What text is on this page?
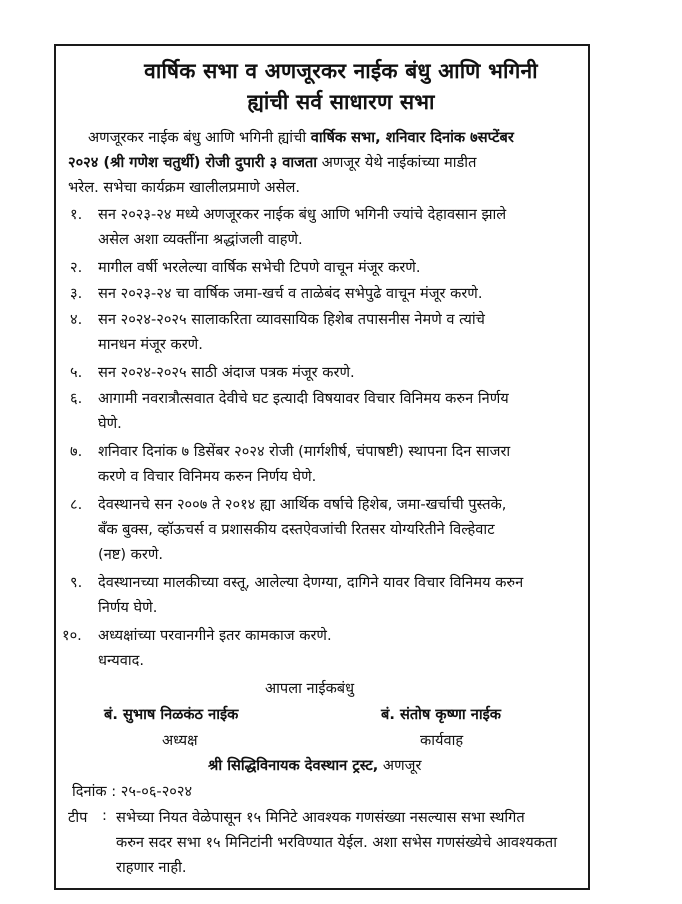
वार्षिक सभा व अणजूरकर नाईक बंधु आणि भगिनी
ह्यांची सर्व साधारण सभा
अणजूरकर नाईक बंधु आणि भगिनी ह्यांची वार्षिक सभा, शनिवार दिनांक ७सप्टेंबर
२०२४ (श्री गणेश चतुर्थी) रोजी दुपारी ३ वाजता अणजूर येथे नाईकांच्या माडीत
भरेल. सभेचा कार्यक्रम खालीलप्रमाणे असेल.
१. सन २०२३-२४ मध्ये अणजूरकर नाईक बंधु आणि भगिनी ज्यांचे देहावसान झाले
असेल अशा व्यक्तींना श्रद्धांजली वाहणे.
२. मागील वर्षी भरलेल्या वार्षिक सभेची टिपणे वाचून मंजूर करणे.
३. सन २०२३-२४ चा वार्षिक जमा-खर्च व ताळेबंद सभेपुढे वाचून मंजूर करणे.
४. सन २०२४-२०२५ सालाकरिता व्यावसायिक हिशेब तपासनीस नेमणे व त्यांचे
मानधन मंजूर करणे.
५. सन २०२४-२०२५ साठी अंदाज पत्रक मंजूर करणे.
६. आगामी नवरात्रौत्सवात देवीचे घट इत्यादी विषयावर विचार विनिमय करुन निर्णय
घेणे.
७. शनिवार दिनांक ७ डिसेंबर २०२४ रोजी (मार्गशीर्ष, चंपाषष्टी) स्थापना दिन साजरा
करणे व विचार विनिमय करुन निर्णय घेणे.
८. देवस्थानचे सन २००७ ते २०१४ ह्या आर्थिक वर्षाचे हिशेब, जमा-खर्चाची पुस्तके,
बँक बुक्स, व्हॉऊचर्स व प्रशासकीय दस्तऐवजांची रितसर योग्यरितीने विल्हेवाट
(नष्ट) करणे.
९. देवस्थानच्या मालकीच्या वस्तू, आलेल्या देणग्या, दागिने यावर विचार विनिमय करुन
निर्णय घेणे.
१०. अध्यक्षांच्या परवानगीने इतर कामकाज करणे.
धन्यवाद.
आपला नाईकबंधु
बं. सुभाष निळकंठ नाईक
अध्यक्ष
बं. संतोष कृष्णा नाईक
कार्यवाह
श्री सिद्धिविनायक देवस्थान ट्रस्ट, अणजूर
दिनांक : २५-०६-२०२४
टीप : सभेच्या नियत वेळेपासून १५ मिनिटे आवश्यक गणसंख्या नसल्यास सभा स्थगित
करुन सदर सभा १५ मिनिटांनी भरविण्यात येईल. अशा सभेस गणसंख्येचे आवश्यकता
राहणार नाही.
